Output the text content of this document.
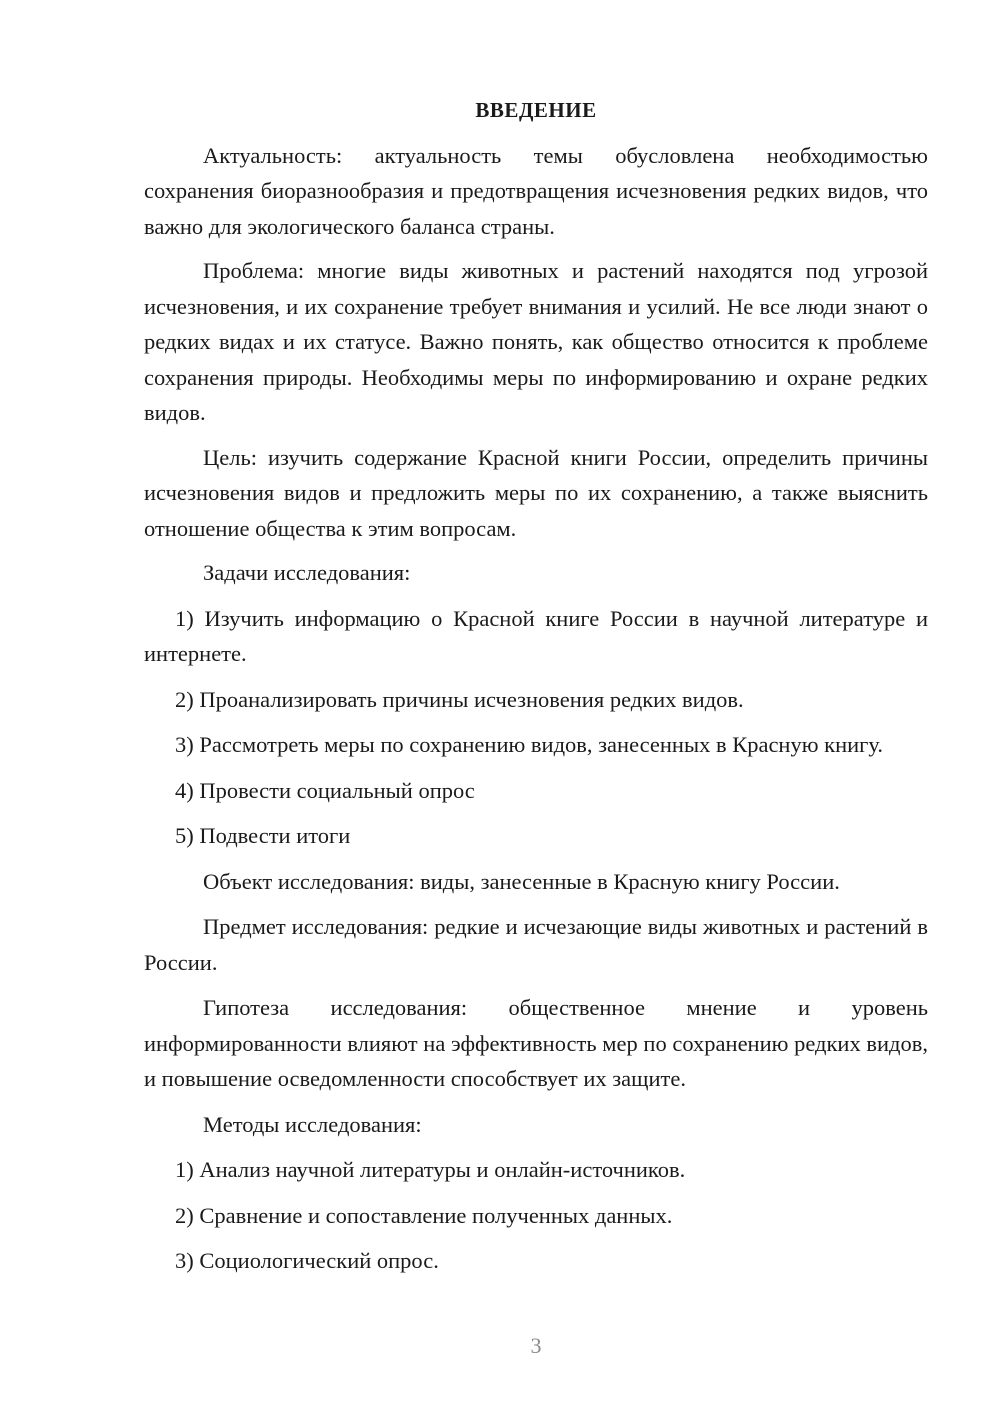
ВВЕДЕНИЕ

Актуальность: актуальность темы обусловлена необходимостью сохранения биоразнообразия и предотвращения исчезновения редких видов, что важно для экологического баланса страны.

Проблема: многие виды животных и растений находятся под угрозой исчезновения, и их сохранение требует внимания и усилий. Не все люди знают о редких видах и их статусе. Важно понять, как общество относится к проблеме сохранения природы. Необходимы меры по информированию и охране редких видов.

Цель: изучить содержание Красной книги России, определить причины исчезновения видов и предложить меры по их сохранению, а также выяснить отношение общества к этим вопросам.

Задачи исследования:

1) Изучить информацию о Красной книге России в научной литературе и интернете.

2) Проанализировать причины исчезновения редких видов.

3) Рассмотреть меры по сохранению видов, занесенных в Красную книгу.

4) Провести социальный опрос

5) Подвести итоги

Объект исследования: виды, занесенные в Красную книгу России.

Предмет исследования: редкие и исчезающие виды животных и растений в России.

Гипотеза исследования: общественное мнение и уровень информированности влияют на эффективность мер по сохранению редких видов, и повышение осведомленности способствует их защите.

Методы исследования:

1) Анализ научной литературы и онлайн-источников.

2) Сравнение и сопоставление полученных данных.

3) Социологический опрос.

3
